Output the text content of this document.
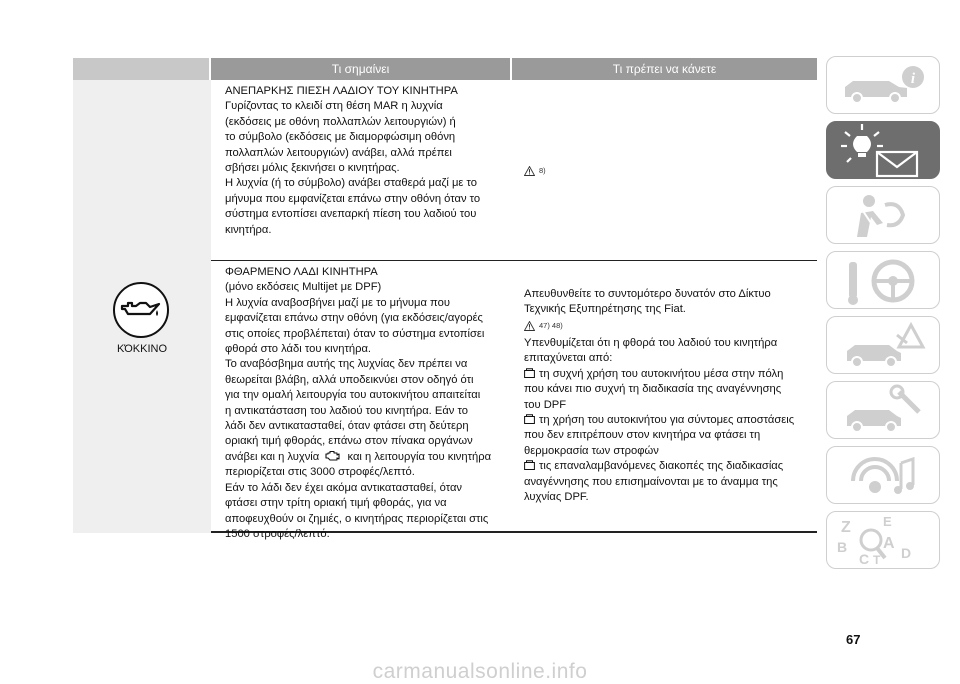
Τι σημαίνει	Τι πρέπει να κάνετε
ΚΌΚΚΙΝΟ
ΑΝΕΠΑΡΚΗΣ ΠΙΕΣΗ ΛΑΔΙΟΥ ΤΟΥ ΚΙΝΗΤΗΡΑ
Γυρίζοντας το κλειδί στη θέση MAR η λυχνία
(εκδόσεις με οθόνη πολλαπλών λειτουργιών) ή
το σύμβολο (εκδόσεις με διαμορφώσιμη οθόνη
πολλαπλών λειτουργιών) ανάβει, αλλά πρέπει
σβήσει μόλις ξεκινήσει ο κινητήρας.
Η λυχνία (ή το σύμβολο) ανάβει σταθερά μαζί με το
μήνυμα που εμφανίζεται επάνω στην οθόνη όταν το
σύστημα εντοπίσει ανεπαρκή πίεση του λαδιού του
κινητήρα.
8)
ΦΘΑΡΜΕΝΟ ΛΑΔΙ ΚΙΝΗΤΗΡΑ
(μόνο εκδόσεις Multijet με DPF)
Η λυχνία αναβοσβήνει μαζί με το μήνυμα που
εμφανίζεται επάνω στην οθόνη (για εκδόσεις/αγορές
στις οποίες προβλέπεται) όταν το σύστημα εντοπίσει
φθορά στο λάδι του κινητήρα.
Το αναβόσβημα αυτής της λυχνίας δεν πρέπει να
θεωρείται βλάβη, αλλά υποδεικνύει στον οδηγό ότι
για την ομαλή λειτουργία του αυτοκινήτου απαιτείται
η αντικατάσταση του λαδιού του κινητήρα. Εάν το
λάδι δεν αντικατασταθεί, όταν φτάσει στη δεύτερη
οριακή τιμή φθοράς, επάνω στον πίνακα οργάνων
ανάβει και η λυχνία	και η λειτουργία του κινητήρα
περιορίζεται στις 3000 στροφές/λεπτό.
Εάν το λάδι δεν έχει ακόμα αντικατασταθεί, όταν
φτάσει στην τρίτη οριακή τιμή φθοράς, για να
αποφευχθούν οι ζημιές, ο κινητήρας περιορίζεται στις
1500 στροφές/λεπτό.
Απευθυνθείτε το συντομότερο δυνατόν στο Δίκτυο
Τεχνικής Εξυπηρέτησης της Fiat.
47) 48)
Υπενθυμίζεται ότι η φθορά του λαδιού του κινητήρα
επιταχύνεται από:
τη συχνή χρήση του αυτοκινήτου μέσα στην πόλη
που κάνει πιο συχνή τη διαδικασία της αναγέννησης
του DPF
τη χρήση του αυτοκινήτου για σύντομες αποστάσεις
που δεν επιτρέπουν στον κινητήρα να φτάσει τη
θερμοκρασία των στροφών
τις επαναλαμβανόμενες διακοπές της διαδικασίας
αναγέννησης που επισημαίνονται με το άναμμα της
λυχνίας DPF.
i
Z E
B A
C T D
67
carmanualsonline.info
